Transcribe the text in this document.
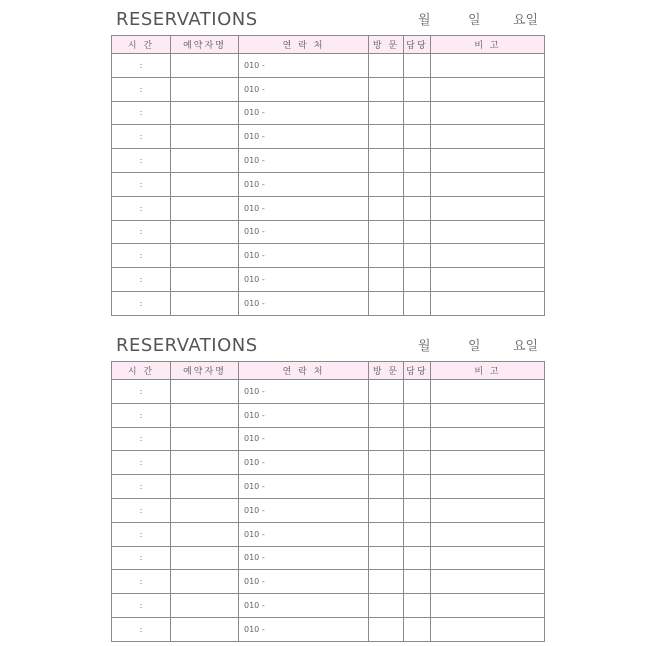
RESERVATIONS	월	일 요일
시 간	예약자명	연 락 처	방 문	담당	비 고
:		010 -			
:		010 -			
:		010 -			
:		010 -			
:		010 -			
:		010 -			
:		010 -			
:		010 -			
:		010 -			
:		010 -			
:		010 -			
RESERVATIONS	월	일 요일
시 간	예약자명	연 락 처	방 문	담당	비 고
:		010 -			
:		010 -			
:		010 -			
:		010 -			
:		010 -			
:		010 -			
:		010 -			
:		010 -			
:		010 -			
:		010 -			
:		010 -			
